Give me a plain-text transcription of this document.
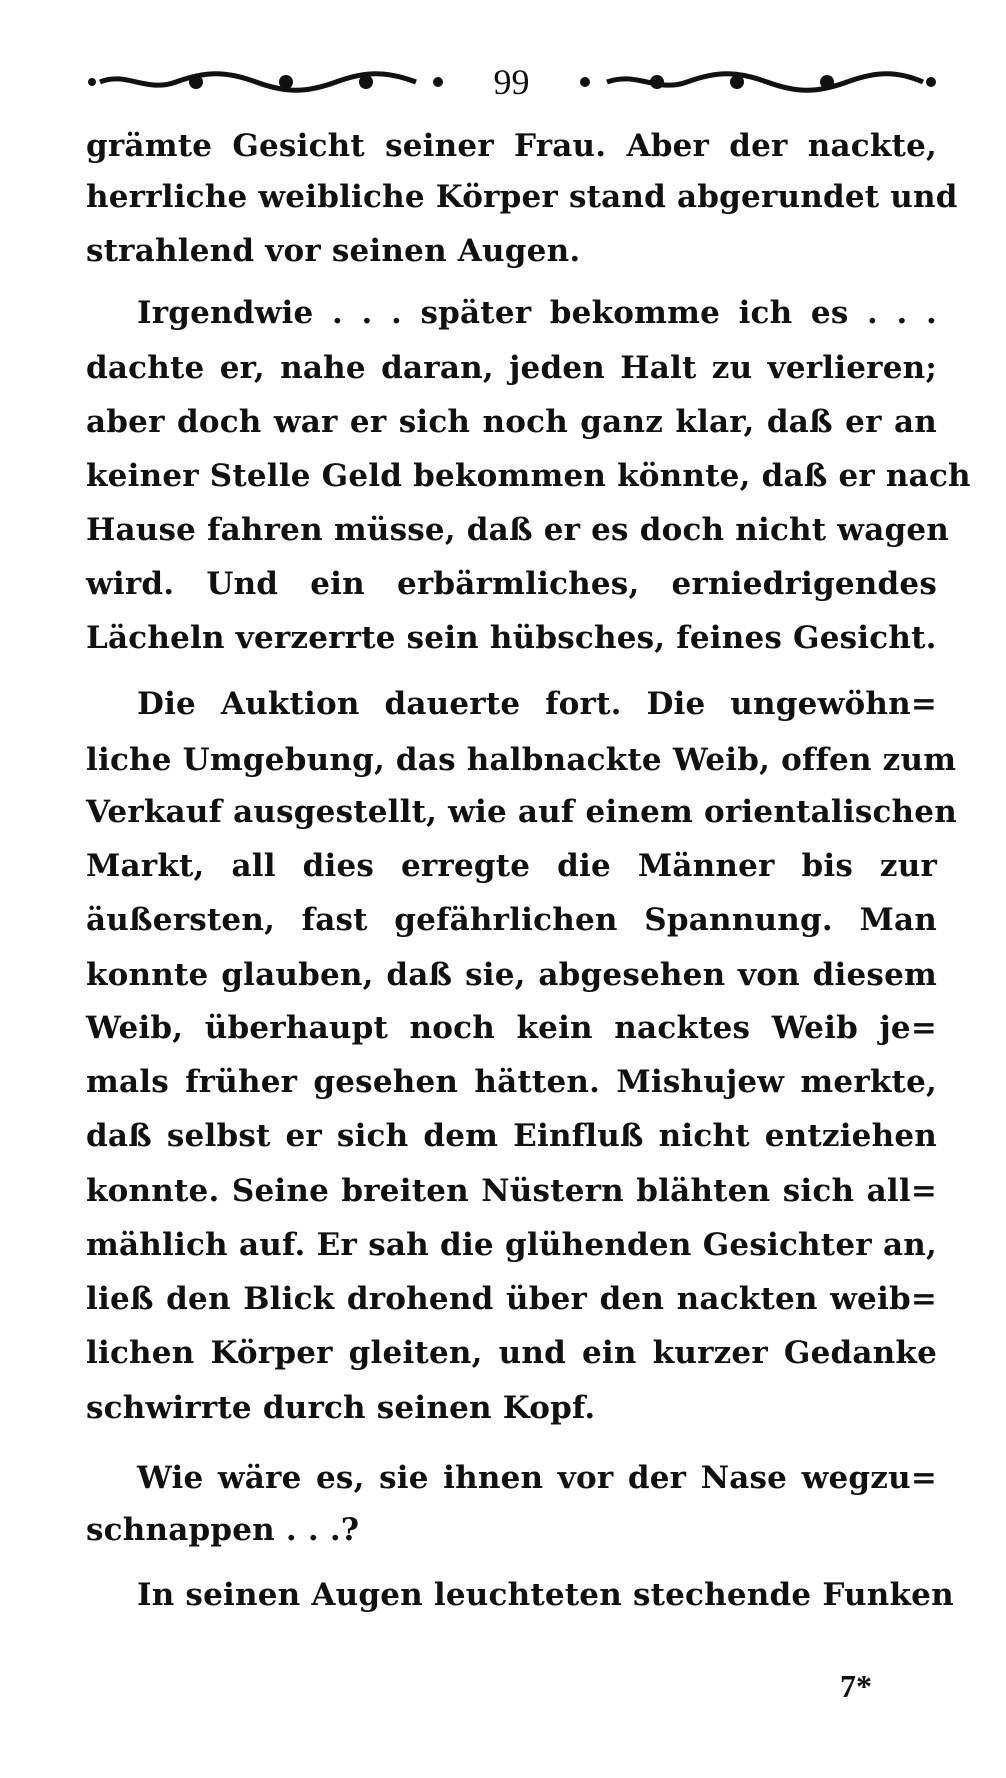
99
grämte Gesicht seiner Frau. Aber der nackte,
herrliche weibliche Körper stand abgerundet und
strahlend vor seinen Augen.
Irgendwie . . . später bekomme ich es . . .
dachte er, nahe daran, jeden Halt zu verlieren;
aber doch war er sich noch ganz klar, daß er an
keiner Stelle Geld bekommen könnte, daß er nach
Hause fahren müsse, daß er es doch nicht wagen
wird. Und ein erbärmliches, erniedrigendes
Lächeln verzerrte sein hübsches, feines Gesicht.
Die Auktion dauerte fort. Die ungewöhn=
liche Umgebung, das halbnackte Weib, offen zum
Verkauf ausgestellt, wie auf einem orientalischen
Markt, all dies erregte die Männer bis zur
äußersten, fast gefährlichen Spannung. Man
konnte glauben, daß sie, abgesehen von diesem
Weib, überhaupt noch kein nacktes Weib je=
mals früher gesehen hätten. Mishujew merkte,
daß selbst er sich dem Einfluß nicht entziehen
konnte. Seine breiten Nüstern blähten sich all=
mählich auf. Er sah die glühenden Gesichter an,
ließ den Blick drohend über den nackten weib=
lichen Körper gleiten, und ein kurzer Gedanke
schwirrte durch seinen Kopf.
Wie wäre es, sie ihnen vor der Nase wegzu=
schnappen . . .?
In seinen Augen leuchteten stechende Funken
7*
